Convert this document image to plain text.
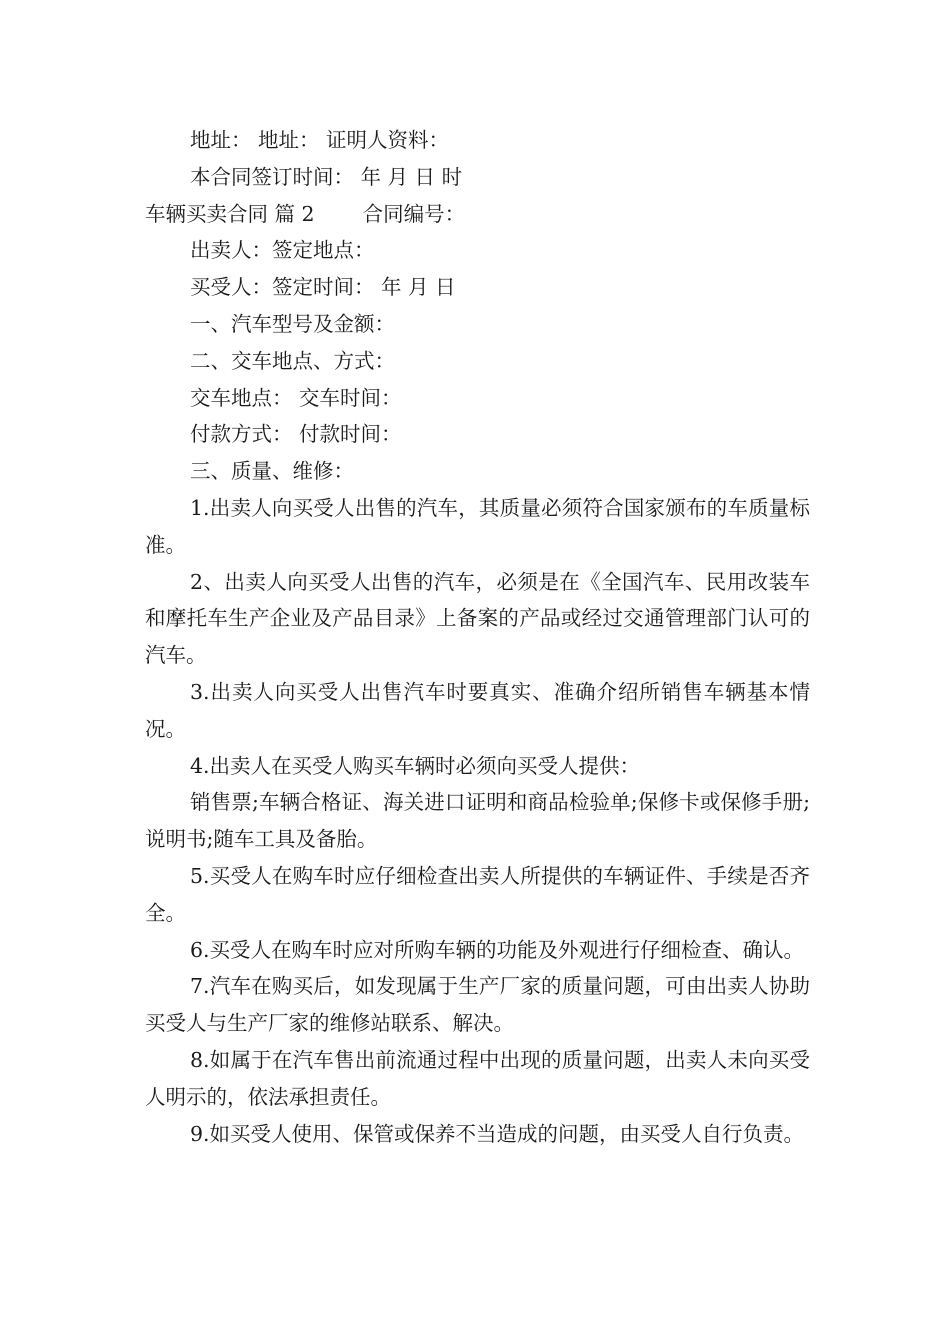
地址： 地址： 证明人资料：

本合同签订时间： 年 月 日 时

车辆买卖合同 篇 2 合同编号：

出卖人：签定地点：

买受人：签定时间： 年 月 日

一、汽车型号及金额：

二、交车地点、方式：

交车地点： 交车时间：

付款方式： 付款时间：

三、质量、维修：

1.出卖人向买受人出售的汽车，其质量必须符合国家颁布的车质量标准。

2、出卖人向买受人出售的汽车，必须是在《全国汽车、民用改装车和摩托车生产企业及产品目录》上备案的产品或经过交通管理部门认可的汽车。

3.出卖人向买受人出售汽车时要真实、准确介绍所销售车辆基本情况。

4.出卖人在买受人购买车辆时必须向买受人提供：

销售票;车辆合格证、海关进口证明和商品检验单;保修卡或保修手册;说明书;随车工具及备胎。

5.买受人在购车时应仔细检查出卖人所提供的车辆证件、手续是否齐全。

6.买受人在购车时应对所购车辆的功能及外观进行仔细检查、确认。

7.汽车在购买后，如发现属于生产厂家的质量问题，可由出卖人协助买受人与生产厂家的维修站联系、解决。

8.如属于在汽车售出前流通过程中出现的质量问题，出卖人未向买受人明示的，依法承担责任。

9.如买受人使用、保管或保养不当造成的问题，由买受人自行负责。
